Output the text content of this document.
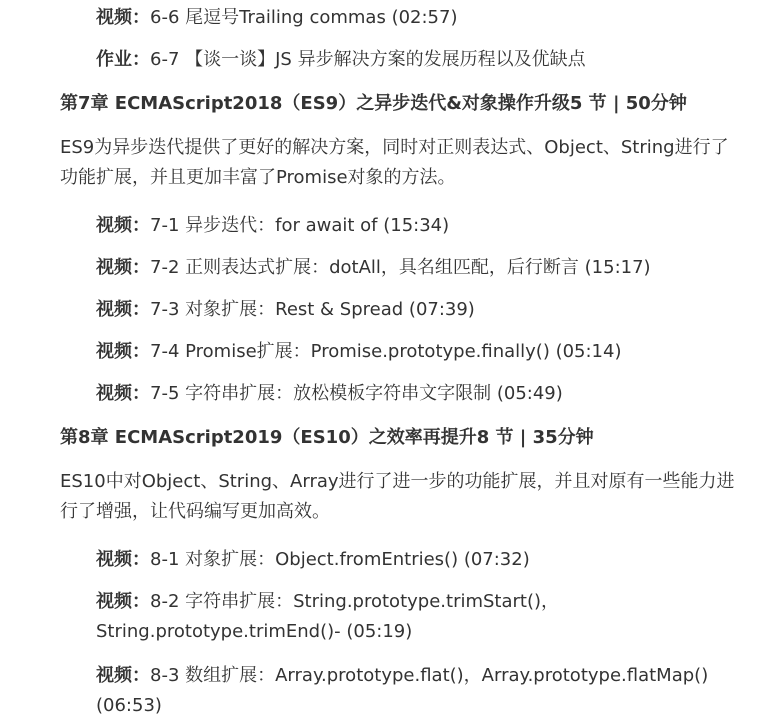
视频：6-6 尾逗号Trailing commas (02:57)

作业：6-7 【谈一谈】JS 异步解决方案的发展历程以及优缺点

第7章 ECMAScript2018（ES9）之异步迭代&对象操作升级5 节 | 50分钟

ES9为异步迭代提供了更好的解决方案，同时对正则表达式、Object、String进行了功能扩展，并且更加丰富了Promise对象的方法。

视频：7-1 异步迭代：for await of (15:34)

视频：7-2 正则表达式扩展：dotAll，具名组匹配，后行断言 (15:17)

视频：7-3 对象扩展：Rest & Spread (07:39)

视频：7-4 Promise扩展：Promise.prototype.finally() (05:14)

视频：7-5 字符串扩展：放松模板字符串文字限制 (05:49)

第8章 ECMAScript2019（ES10）之效率再提升8 节 | 35分钟

ES10中对Object、String、Array进行了进一步的功能扩展，并且对原有一些能力进行了增强，让代码编写更加高效。

视频：8-1 对象扩展：Object.fromEntries() (07:32)

视频：8-2 字符串扩展：String.prototype.trimStart()，String.prototype.trimEnd()- (05:19)

视频：8-3 数组扩展：Array.prototype.flat()，Array.prototype.flatMap() (06:53)
